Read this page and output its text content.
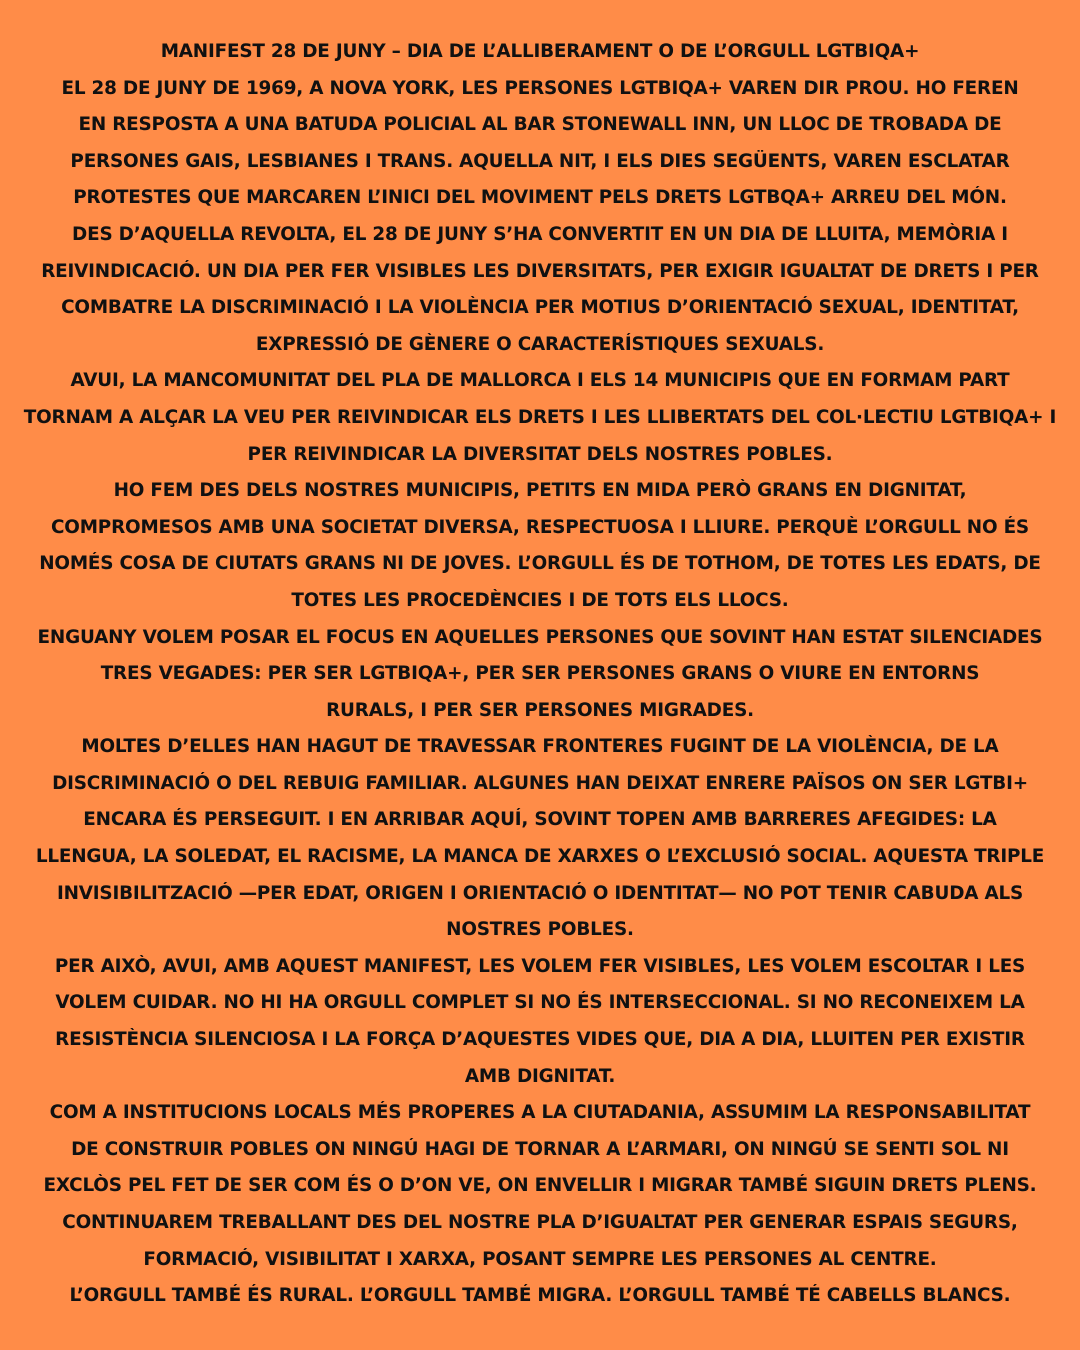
MANIFEST 28 DE JUNY – DIA DE L’ALLIBERAMENT O DE L’ORGULL LGTBIQA+
EL 28 DE JUNY DE 1969, A NOVA YORK, LES PERSONES LGTBIQA+ VAREN DIR PROU. HO FEREN
EN RESPOSTA A UNA BATUDA POLICIAL AL BAR STONEWALL INN, UN LLOC DE TROBADA DE
PERSONES GAIS, LESBIANES I TRANS. AQUELLA NIT, I ELS DIES SEGÜENTS, VAREN ESCLATAR
PROTESTES QUE MARCAREN L’INICI DEL MOVIMENT PELS DRETS LGTBQA+ ARREU DEL MÓN.
DES D’AQUELLA REVOLTA, EL 28 DE JUNY S’HA CONVERTIT EN UN DIA DE LLUITA, MEMÒRIA I
REIVINDICACIÓ. UN DIA PER FER VISIBLES LES DIVERSITATS, PER EXIGIR IGUALTAT DE DRETS I PER
COMBATRE LA DISCRIMINACIÓ I LA VIOLÈNCIA PER MOTIUS D’ORIENTACIÓ SEXUAL, IDENTITAT,
EXPRESSIÓ DE GÈNERE O CARACTERÍSTIQUES SEXUALS.
AVUI, LA MANCOMUNITAT DEL PLA DE MALLORCA I ELS 14 MUNICIPIS QUE EN FORMAM PART
TORNAM A ALÇAR LA VEU PER REIVINDICAR ELS DRETS I LES LLIBERTATS DEL COL·LECTIU LGTBIQA+ I
PER REIVINDICAR LA DIVERSITAT DELS NOSTRES POBLES.
HO FEM DES DELS NOSTRES MUNICIPIS, PETITS EN MIDA PERÒ GRANS EN DIGNITAT,
COMPROMESOS AMB UNA SOCIETAT DIVERSA, RESPECTUOSA I LLIURE. PERQUÈ L’ORGULL NO ÉS
NOMÉS COSA DE CIUTATS GRANS NI DE JOVES. L’ORGULL ÉS DE TOTHOM, DE TOTES LES EDATS, DE
TOTES LES PROCEDÈNCIES I DE TOTS ELS LLOCS.
ENGUANY VOLEM POSAR EL FOCUS EN AQUELLES PERSONES QUE SOVINT HAN ESTAT SILENCIADES
TRES VEGADES: PER SER LGTBIQA+, PER SER PERSONES GRANS O VIURE EN ENTORNS
RURALS, I PER SER PERSONES MIGRADES.
MOLTES D’ELLES HAN HAGUT DE TRAVESSAR FRONTERES FUGINT DE LA VIOLÈNCIA, DE LA
DISCRIMINACIÓ O DEL REBUIG FAMILIAR. ALGUNES HAN DEIXAT ENRERE PAÏSOS ON SER LGTBI+
ENCARA ÉS PERSEGUIT. I EN ARRIBAR AQUÍ, SOVINT TOPEN AMB BARRERES AFEGIDES: LA
LLENGUA, LA SOLEDAT, EL RACISME, LA MANCA DE XARXES O L’EXCLUSIÓ SOCIAL. AQUESTA TRIPLE
INVISIBILITZACIÓ —PER EDAT, ORIGEN I ORIENTACIÓ O IDENTITAT— NO POT TENIR CABUDA ALS
NOSTRES POBLES.
PER AIXÒ, AVUI, AMB AQUEST MANIFEST, LES VOLEM FER VISIBLES, LES VOLEM ESCOLTAR I LES
VOLEM CUIDAR. NO HI HA ORGULL COMPLET SI NO ÉS INTERSECCIONAL. SI NO RECONEIXEM LA
RESISTÈNCIA SILENCIOSA I LA FORÇA D’AQUESTES VIDES QUE, DIA A DIA, LLUITEN PER EXISTIR
AMB DIGNITAT.
COM A INSTITUCIONS LOCALS MÉS PROPERES A LA CIUTADANIA, ASSUMIM LA RESPONSABILITAT
DE CONSTRUIR POBLES ON NINGÚ HAGI DE TORNAR A L’ARMARI, ON NINGÚ SE SENTI SOL NI
EXCLÒS PEL FET DE SER COM ÉS O D’ON VE, ON ENVELLIR I MIGRAR TAMBÉ SIGUIN DRETS PLENS.
CONTINUAREM TREBALLANT DES DEL NOSTRE PLA D’IGUALTAT PER GENERAR ESPAIS SEGURS,
FORMACIÓ, VISIBILITAT I XARXA, POSANT SEMPRE LES PERSONES AL CENTRE.
L’ORGULL TAMBÉ ÉS RURAL. L’ORGULL TAMBÉ MIGRA. L’ORGULL TAMBÉ TÉ CABELLS BLANCS.
